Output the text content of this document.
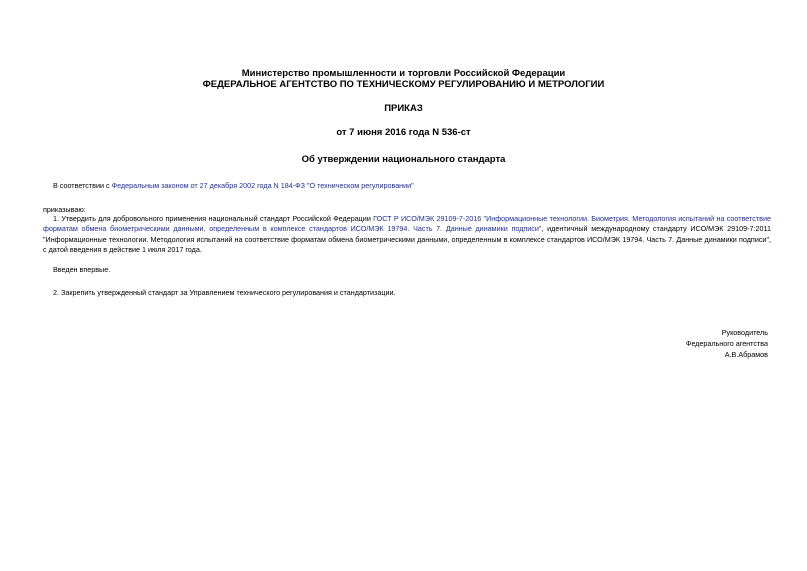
Министерство промышленности и торговли Российской Федерации
ФЕДЕРАЛЬНОЕ АГЕНТСТВО ПО ТЕХНИЧЕСКОМУ РЕГУЛИРОВАНИЮ И МЕТРОЛОГИИ
ПРИКАЗ
от 7 июня 2016 года N 536-ст
Об утверждении национального стандарта
В соответствии с Федеральным законом от 27 декабря 2002 года N 184-ФЗ "О техническом регулировании"
приказываю:
1. Утвердить для добровольного применения национальный стандарт Российской Федерации ГОСТ Р ИСО/МЭК 29109-7-2016 "Информационные технологии. Биометрия. Методология испытаний на соответствие форматам обмена биометрическими данными, определенным в комплексе стандартов ИСО/МЭК 19794. Часть 7. Данные динамики подписи", идентичный международному стандарту ИСО/МЭК 29109-7:2011 "Информационные технологии. Методология испытаний на соответствие форматам обмена биометрическими данными, определенным в комплексе стандартов ИСО/МЭК 19794. Часть 7. Данные динамики подписи", с датой введения в действие 1 июля 2017 года.
Введен впервые.
2. Закрепить утвержденный стандарт за Управлением технического регулирования и стандартизации.
Руководитель
Федерального агентства
А.В.Абрамов
